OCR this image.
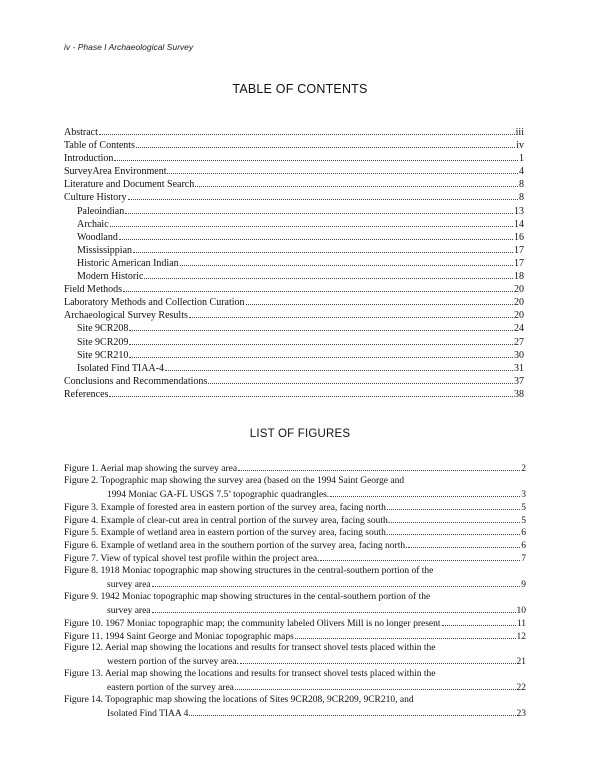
iv - Phase I Archaeological Survey
TABLE OF CONTENTS
Abstract	iii
Table of Contents	iv
Introduction	1
SurveyArea Environment	4
Literature and Document Search	8
Culture History	8
Paleoindian	13
Archaic	14
Woodland	16
Mississippian	17
Historic American Indian	17
Modern Historic	18
Field Methods	20
Laboratory Methods and Collection Curation	20
Archaeological Survey Results	20
Site 9CR208	24
Site 9CR209	27
Site 9CR210	30
Isolated Find TIAA-4	31
Conclusions and Recommendations	37
References	38
LIST OF FIGURES
Figure 1. Aerial map showing the survey area	2
Figure 2. Topographic map showing the survey area (based on the 1994 Saint George and
1994 Moniac GA-FL USGS 7.5’ topographic quadrangles.	3
Figure 3. Example of forested area in eastern portion of the survey area, facing north	5
Figure 4. Example of clear-cut area in central portion of the survey area, facing south.	5
Figure 5. Example of wetland area in eastern portion of the survey area, facing south.	6
Figure 6. Example of wetland area in the southern portion of the survey area, facing north.	6
Figure 7. View of typical shovel test profile within the project area.	7
Figure 8. 1918 Moniac topographic map showing structures in the central-southern portion of the
survey area	9
Figure 9. 1942 Moniac topographic map showing structures in the cental-southern portion of the
survey area	10
Figure 10. 1967 Moniac topographic map; the community labeled Olivers Mill is no longer present	11
Figure 11. 1994 Saint George and Moniac topographic maps	12
Figure 12. Aerial map showing the locations and results for transect shovel tests placed within the
western portion of the survey area.	21
Figure 13. Aerial map showing the locations and results for transect shovel tests placed within the
eastern portion of the survey area	22
Figure 14. Topographic map showing the locations of Sites 9CR208, 9CR209, 9CR210, and
Isolated Find TIAA 4	23
